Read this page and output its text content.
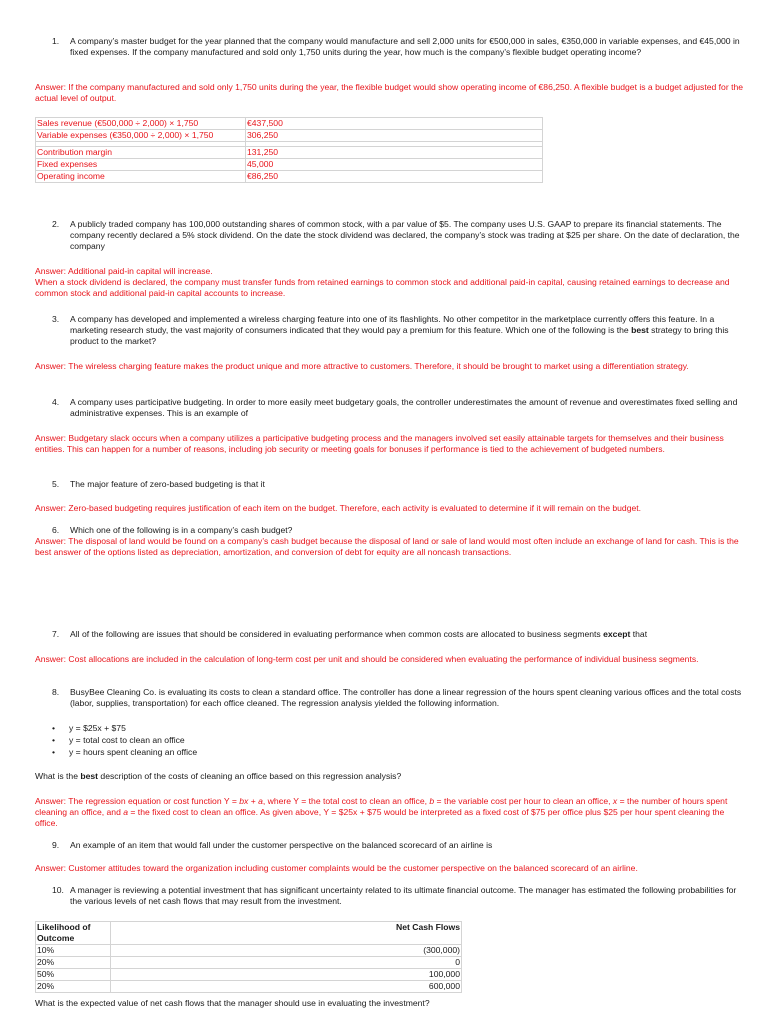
1. A company’s master budget for the year planned that the company would manufacture and sell 2,000 units for €500,000 in sales, €350,000 in variable expenses, and €45,000 in fixed expenses. If the company manufactured and sold only 1,750 units during the year, how much is the company’s flexible budget operating income?
Answer: If the company manufactured and sold only 1,750 units during the year, the flexible budget would show operating income of €86,250. A flexible budget is a budget adjusted for the actual level of output.
Sales revenue (€500,000 ÷ 2,000) × 1,750	€437,500
Variable expenses (€350,000 ÷ 2,000) × 1,750	306,250

Contribution margin	131,250
Fixed expenses	45,000
Operating income	€86,250
2. A publicly traded company has 100,000 outstanding shares of common stock, with a par value of $5. The company uses U.S. GAAP to prepare its financial statements. The company recently declared a 5% stock dividend. On the date the stock dividend was declared, the company’s stock was trading at $25 per share. On the date of declaration, the company
Answer: Additional paid-in capital will increase.
When a stock dividend is declared, the company must transfer funds from retained earnings to common stock and additional paid-in capital, causing retained earnings to decrease and common stock and additional paid-in capital accounts to increase.
3. A company has developed and implemented a wireless charging feature into one of its flashlights. No other competitor in the marketplace currently offers this feature. In a marketing research study, the vast majority of consumers indicated that they would pay a premium for this feature. Which one of the following is the best strategy to bring this product to the market?
Answer: The wireless charging feature makes the product unique and more attractive to customers. Therefore, it should be brought to market using a differentiation strategy.
4. A company uses participative budgeting. In order to more easily meet budgetary goals, the controller underestimates the amount of revenue and overestimates fixed selling and administrative expenses. This is an example of
Answer: Budgetary slack occurs when a company utilizes a participative budgeting process and the managers involved set easily attainable targets for themselves and their business entities. This can happen for a number of reasons, including job security or meeting goals for bonuses if performance is tied to the achievement of budgeted numbers.
5. The major feature of zero-based budgeting is that it
Answer: Zero-based budgeting requires justification of each item on the budget. Therefore, each activity is evaluated to determine if it will remain on the budget.
6. Which one of the following is in a company’s cash budget?
Answer: The disposal of land would be found on a company’s cash budget because the disposal of land or sale of land would most often include an exchange of land for cash. This is the best answer of the options listed as depreciation, amortization, and conversion of debt for equity are all noncash transactions.
7. All of the following are issues that should be considered in evaluating performance when common costs are allocated to business segments except that
Answer: Cost allocations are included in the calculation of long-term cost per unit and should be considered when evaluating the performance of individual business segments.
8. BusyBee Cleaning Co. is evaluating its costs to clean a standard office. The controller has done a linear regression of the hours spent cleaning various offices and the total costs (labor, supplies, transportation) for each office cleaned. The regression analysis yielded the following information.
• y = $25x + $75
• y = total cost to clean an office
• y = hours spent cleaning an office
What is the best description of the costs of cleaning an office based on this regression analysis?
Answer: The regression equation or cost function Y = bx + a, where Y = the total cost to clean an office, b = the variable cost per hour to clean an office, x = the number of hours spent cleaning an office, and a = the fixed cost to clean an office. As given above, Y = $25x + $75 would be interpreted as a fixed cost of $75 per office plus $25 per hour spent cleaning the office.
9. An example of an item that would fall under the customer perspective on the balanced scorecard of an airline is
Answer: Customer attitudes toward the organization including customer complaints would be the customer perspective on the balanced scorecard of an airline.
10. A manager is reviewing a potential investment that has significant uncertainty related to its ultimate financial outcome. The manager has estimated the following probabilities for the various levels of net cash flows that may result from the investment.
Likelihood of Outcome	Net Cash Flows
10%	(300,000)
20%	0
50%	100,000
20%	600,000
What is the expected value of net cash flows that the manager should use in evaluating the investment?
